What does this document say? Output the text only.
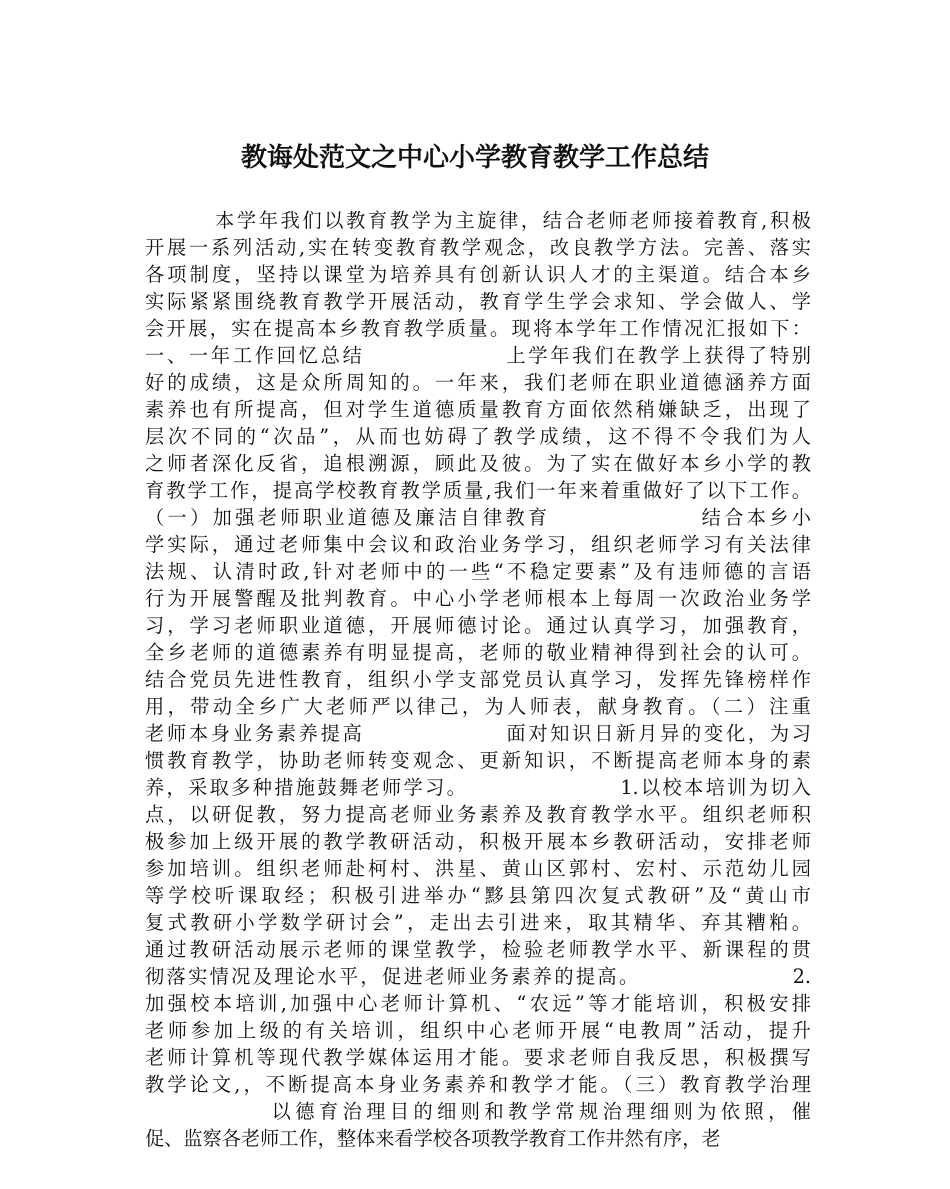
教诲处范文之中心小学教育教学工作总结
本学年我们以教育教学为主旋律，结合老师老师接着教育,积极
开展一系列活动,实在转变教育教学观念，改良教学方法。完善、落实
各项制度，坚持以课堂为培养具有创新认识人才的主渠道。结合本乡
实际紧紧围绕教育教学开展活动，教育学生学会求知、学会做人、学
会开展，实在提高本乡教育教学质量。现将本学年工作情况汇报如下：
一、一年工作回忆总结                上学年我们在教学上获得了特别
好的成绩，这是众所周知的。一年来，我们老师在职业道德涵养方面
素养也有所提高，但对学生道德质量教育方面依然稍嫌缺乏，出现了
层次不同的“次品”，从而也妨碍了教学成绩，这不得不令我们为人
之师者深化反省，追根溯源，顾此及彼。为了实在做好本乡小学的教
育教学工作，提高学校教育教学质量,我们一年来着重做好了以下工作。
（一）加强老师职业道德及廉洁自律教育                结合本乡小
学实际，通过老师集中会议和政治业务学习，组织老师学习有关法律
法规、认清时政,针对老师中的一些“不稳定要素”及有违师德的言语
行为开展警醒及批判教育。中心小学老师根本上每周一次政治业务学
习，学习老师职业道德，开展师德讨论。通过认真学习，加强教育，
全乡老师的道德素养有明显提高，老师的敬业精神得到社会的认可。
结合党员先进性教育，组织小学支部党员认真学习，发挥先锋榜样作
用，带动全乡广大老师严以律己，为人师表，献身教育。（二）注重
老师本身业务素养提高                面对知识日新月异的变化，为习
惯教育教学，协助老师转变观念、更新知识，不断提高老师本身的素
养，采取多种措施鼓舞老师学习。                  1.以校本培训为切入
点，以研促教，努力提高老师业务素养及教育教学水平。组织老师积
极参加上级开展的教学教研活动，积极开展本乡教研活动，安排老师
参加培训。组织老师赴柯村、洪星、黄山区郭村、宏村、示范幼儿园
等学校听课取经；积极引进举办“黟县第四次复式教研”及“黄山市
复式教研小学数学研讨会”，走出去引进来，取其精华、弃其糟粕。
通过教研活动展示老师的课堂教学，检验老师教学水平、新课程的贯
彻落实情况及理论水平，促进老师业务素养的提高。                  2.
加强校本培训,加强中心老师计算机、“农远”等才能培训，积极安排
老师参加上级的有关培训，组织中心老师开展“电教周”活动，提升
老师计算机等现代教学媒体运用才能。要求老师自我反思，积极撰写
教学论文,，不断提高本身业务素养和教学才能。（三）教育教学治理
以德育治理目的细则和教学常规治理细则为依照，催
促、监察各老师工作，整体来看学校各项教学教育工作井然有序，老
